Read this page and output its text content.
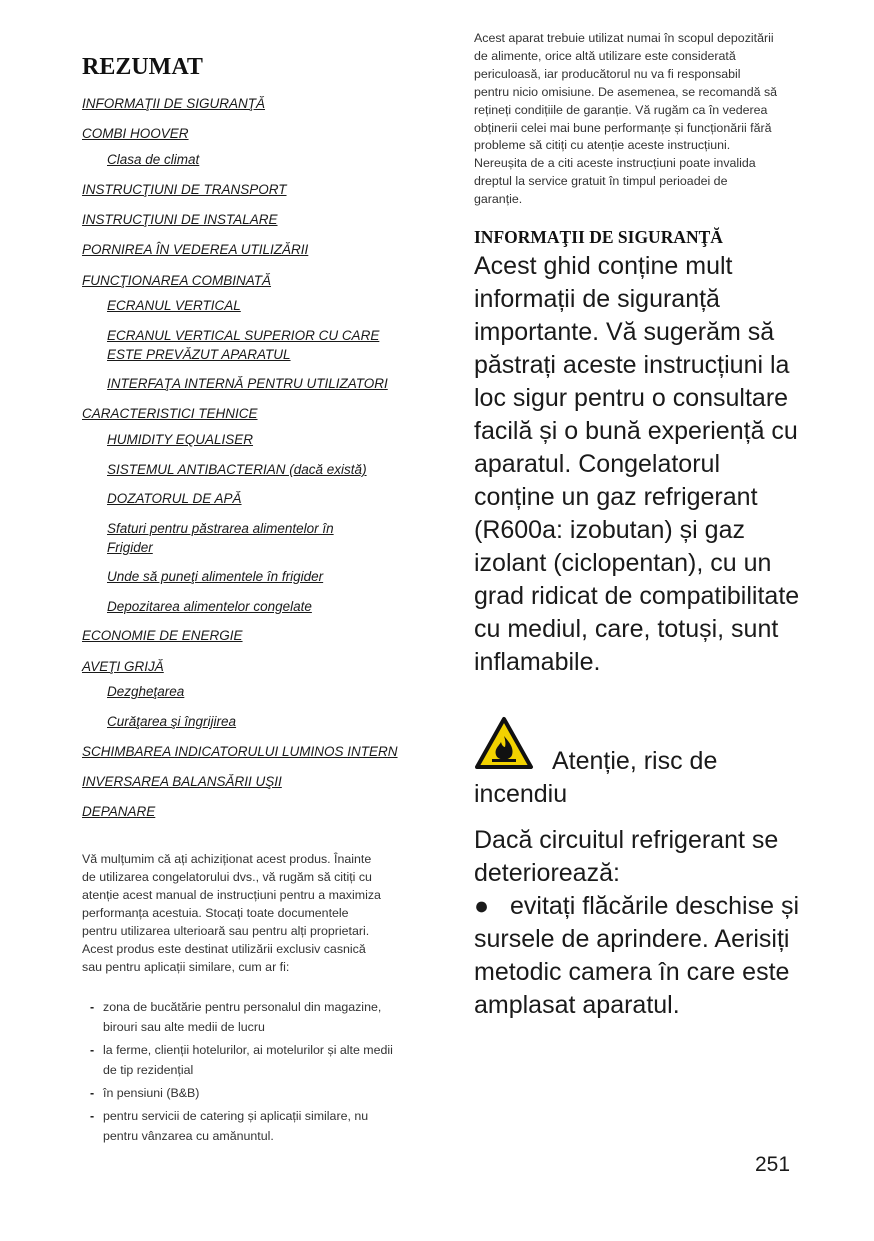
REZUMAT
INFORMAŢII DE SIGURANŢĂ
COMBI HOOVER
Clasa de climat
INSTRUCŢIUNI DE TRANSPORT
INSTRUCŢIUNI DE INSTALARE
PORNIREA ÎN VEDEREA UTILIZĂRII
FUNCŢIONAREA COMBINATĂ
ECRANUL VERTICAL
ECRANUL VERTICAL SUPERIOR CU CARE ESTE PREVĂZUT APARATUL
INTERFAŢA INTERNĂ PENTRU UTILIZATORI
CARACTERISTICI TEHNICE
HUMIDITY EQUALISER
SISTEMUL ANTIBACTERIAN (dacă există)
DOZATORUL DE APĂ
Sfaturi pentru păstrarea alimentelor în Frigider
Unde să puneţi alimentele în frigider
Depozitarea alimentelor congelate
ECONOMIE DE ENERGIE
AVEŢI GRIJĂ
Dezgheţarea
Curăţarea şi îngrijirea
SCHIMBAREA INDICATORULUI LUMINOS INTERN
INVERSAREA BALANSĂRII UŞII
DEPANARE
Vă mulțumim că ați achiziționat acest produs. Înainte de utilizarea congelatorului dvs., vă rugăm să citiți cu atenție acest manual de instrucțiuni pentru a maximiza performanța acestuia. Stocați toate documentele pentru utilizarea ulterioară sau pentru alți proprietari. Acest produs este destinat utilizării exclusiv casnică sau pentru aplicații similare, cum ar fi:
- zona de bucătărie pentru personalul din magazine, birouri sau alte medii de lucru
- la ferme, clienții hotelurilor, ai motelurilor și alte medii de tip rezidențial
- în pensiuni (B&B)
- pentru servicii de catering și aplicații similare, nu pentru vânzarea cu amănuntul.
Acest aparat trebuie utilizat numai în scopul depozitării de alimente, orice altă utilizare este considerată periculoasă, iar producătorul nu va fi responsabil pentru nicio omisiune. De asemenea, se recomandă să rețineți condițiile de garanție. Vă rugăm ca în vederea obținerii celei mai bune performanțe și funcționării fără probleme să citiți cu atenție aceste instrucțiuni. Nereușita de a citi aceste instrucțiuni poate invalida dreptul la service gratuit în timpul perioadei de garanție.
INFORMAŢII DE SIGURANŢĂ
Acest ghid conține mult informații de siguranță importante. Vă sugerăm să păstrați aceste instrucțiuni la loc sigur pentru o consultare facilă și o bună experiență cu aparatul. Congelatorul conține un gaz refrigerant (R600a: izobutan) și gaz izolant (ciclopentan), cu un grad ridicat de compatibilitate cu mediul, care, totuși, sunt inflamabile.
Atenție, risc de incendiu
Dacă circuitul refrigerant se deteriorează:
● evitați flăcările deschise și sursele de aprindere. Aerisiți metodic camera în care este amplasat aparatul.
251
